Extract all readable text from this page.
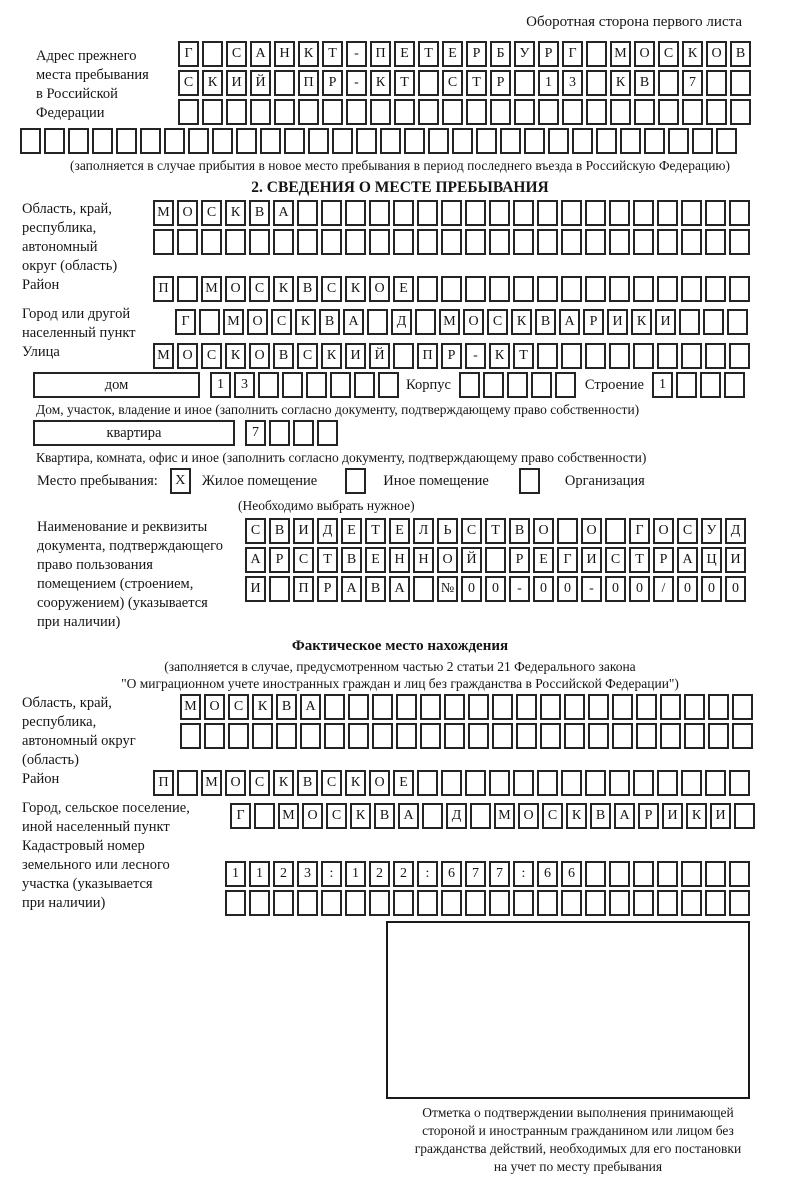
Оборотная сторона первого листа
Адрес прежнего
места пребывания
в Российской
Федерации
Г	С А Н К Т - П Е Т Е Р Б У Р Г	М О С К О В
С К И Й	П Р - К Т	С Т Р	1 3	К В	7
(заполняется в случае прибытия в новое место пребывания в период последнего въезда в Российскую Федерацию)
2. СВЕДЕНИЯ О МЕСТЕ ПРЕБЫВАНИЯ
Область, край,
республика,
автономный
округ (область)
М О С К В А
Район	П	М О С К В С К О Е
Город или другой
населенный пункт
Г	М О С К В А	Д	М О С К В А Р И К И
Улица	М О С К О В С К И Й	П Р - К Т
дом	1 3	Корпус	Строение	1
Дом, участок, владение и иное (заполнить согласно документу, подтверждающему право собственности)
квартира	7
Квартира, комната, офис и иное (заполнить согласно документу, подтверждающему право собственности)
Место пребывания:	X	Жилое помещение	Иное помещение	Организация
(Необходимо выбрать нужное)
Наименование и реквизиты
документа, подтверждающего
право пользования
помещением (строением,
сооружением) (указывается
при наличии)
С В И Д Е Т Е Л Ь С Т В О	О	Г О С У Д
А Р С Т В Е Н Н О Й	Р Е Г И С Т Р А Ц И
И	П Р А В А	№ 0 0 - 0 0 - 0 0 / 0 0 0
Фактическое место нахождения
(заполняется в случае, предусмотренном частью 2 статьи 21 Федерального закона
"О миграционном учете иностранных граждан и лиц без гражданства в Российской Федерации")
Область, край,
республика,
автономный округ
(область)
М О С К В А
Район	П	М О С К В С К О Е
Город, сельское поселение,
иной населенный пункт
Г	М О С К В А	Д	М О С К В А Р И К И
Кадастровый номер
земельного или лесного
участка (указывается
при наличии)
1 1 2 3 : 1 2 2 : 6 7 7 : 6 6
Отметка о подтверждении выполнения принимающей
стороной и иностранным гражданином или лицом без
гражданства действий, необходимых для его постановки
на учет по месту пребывания
